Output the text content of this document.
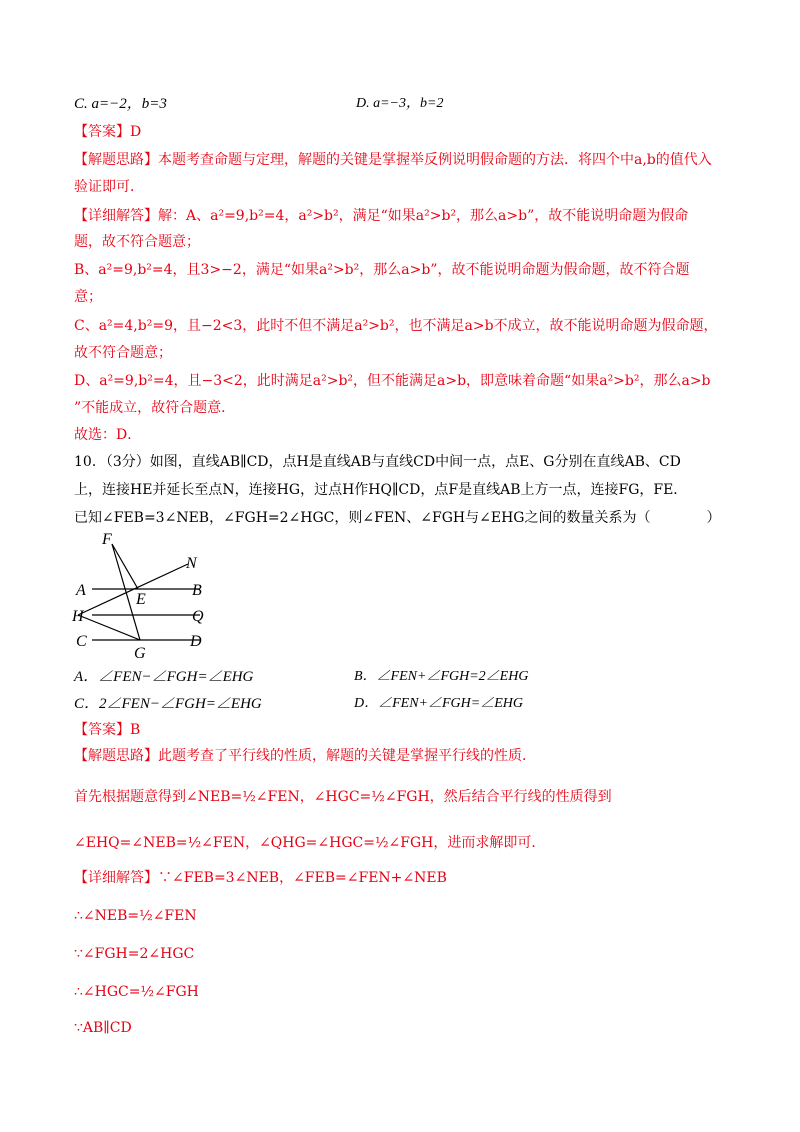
C. a=−2，b=3	D. a=−3，b=2
【答案】D
【解题思路】本题考查命题与定理，解题的关键是掌握举反例说明假命题的方法．将四个中a,b的值代入
验证即可．
【详细解答】解：A、a²=9,b²=4，a²>b²，满足“如果a²>b²，那么a>b”，故不能说明命题为假命
题，故不符合题意；
B、a²=9,b²=4，且3>−2，满足“如果a²>b²，那么a>b”，故不能说明命题为假命题，故不符合题
意；
C、a²=4,b²=9，且−2<3，此时不但不满足a²>b²，也不满足a>b不成立，故不能说明命题为假命题，
故不符合题意；
D、a²=9,b²=4，且−3<2，此时满足a²>b²，但不能满足a>b，即意味着命题“如果a²>b²，那么a>b
”不能成立，故符合题意．
故选：D．
10．（3分）如图，直线AB∥CD，点H是直线AB与直线CD中间一点，点E、G分别在直线AB、CD
上，连接HE并延长至点N，连接HG，过点H作HQ∥CD，点F是直线AB上方一点，连接FG，FE．
已知∠FEB=3∠NEB，∠FGH=2∠HGC，则∠FEN、∠FGH与∠EHG之间的数量关系为（　　　　）
F
N
A	B
E
H	Q
C	D
G
A．∠FEN−∠FGH=∠EHG	B．∠FEN+∠FGH=2∠EHG
C．2∠FEN−∠FGH=∠EHG	D．∠FEN+∠FGH=∠EHG
【答案】B
【解题思路】此题考查了平行线的性质，解题的关键是掌握平行线的性质．
首先根据题意得到∠NEB=½∠FEN，∠HGC=½∠FGH，然后结合平行线的性质得到
∠EHQ=∠NEB=½∠FEN，∠QHG=∠HGC=½∠FGH，进而求解即可．
【详细解答】∵∠FEB=3∠NEB，∠FEB=∠FEN+∠NEB
∴∠NEB=½∠FEN
∵∠FGH=2∠HGC
∴∠HGC=½∠FGH
∵AB∥CD
